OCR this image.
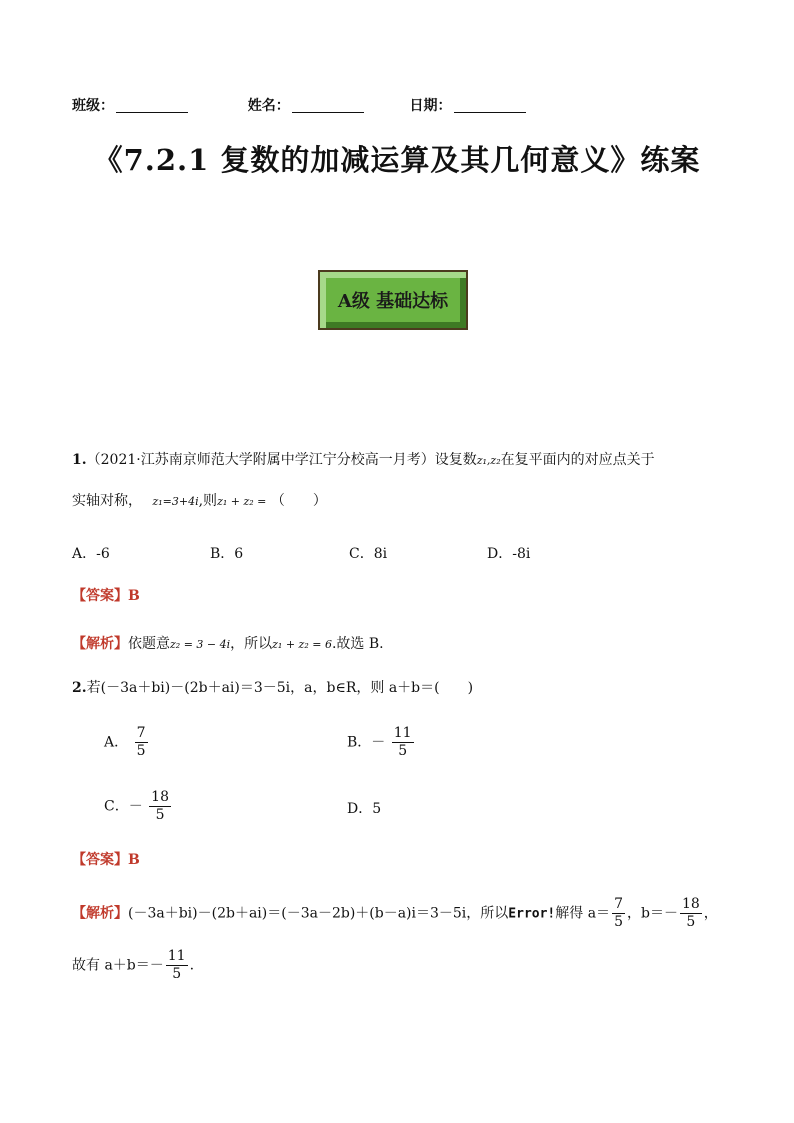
班级：	姓名：	日期：
《7.2.1 复数的加减运算及其几何意义》练案
A级 基础达标
1.（2021·江苏南京师范大学附属中学江宁分校高一月考）设复数z₁,z₂在复平面内的对应点关于
实轴对称， z₁=3+4i,则z₁ + z₂ = （　　）
A．-6	B．6	C．8i	D．-8i
【答案】B
【解析】依题意z₂ = 3 − 4i，所以z₁ + z₂ = 6.故选 B.
2.若(－3a＋bi)－(2b＋ai)＝3－5i，a，b∈R，则 a＋b＝(　　)
A． $\frac{7}{5}$	B．－ $\frac{11}{5}$
C．－ $\frac{18}{5}$	D．5
【答案】B
【解析】(－3a＋bi)－(2b＋ai)＝(－3a－2b)＋(b－a)i＝3－5i，所以Error!解得 $a= \frac{7}{5}$ ，$b=- \frac{18}{5}$ ，
故有 $a+b=- \frac{11}{5}$ .
